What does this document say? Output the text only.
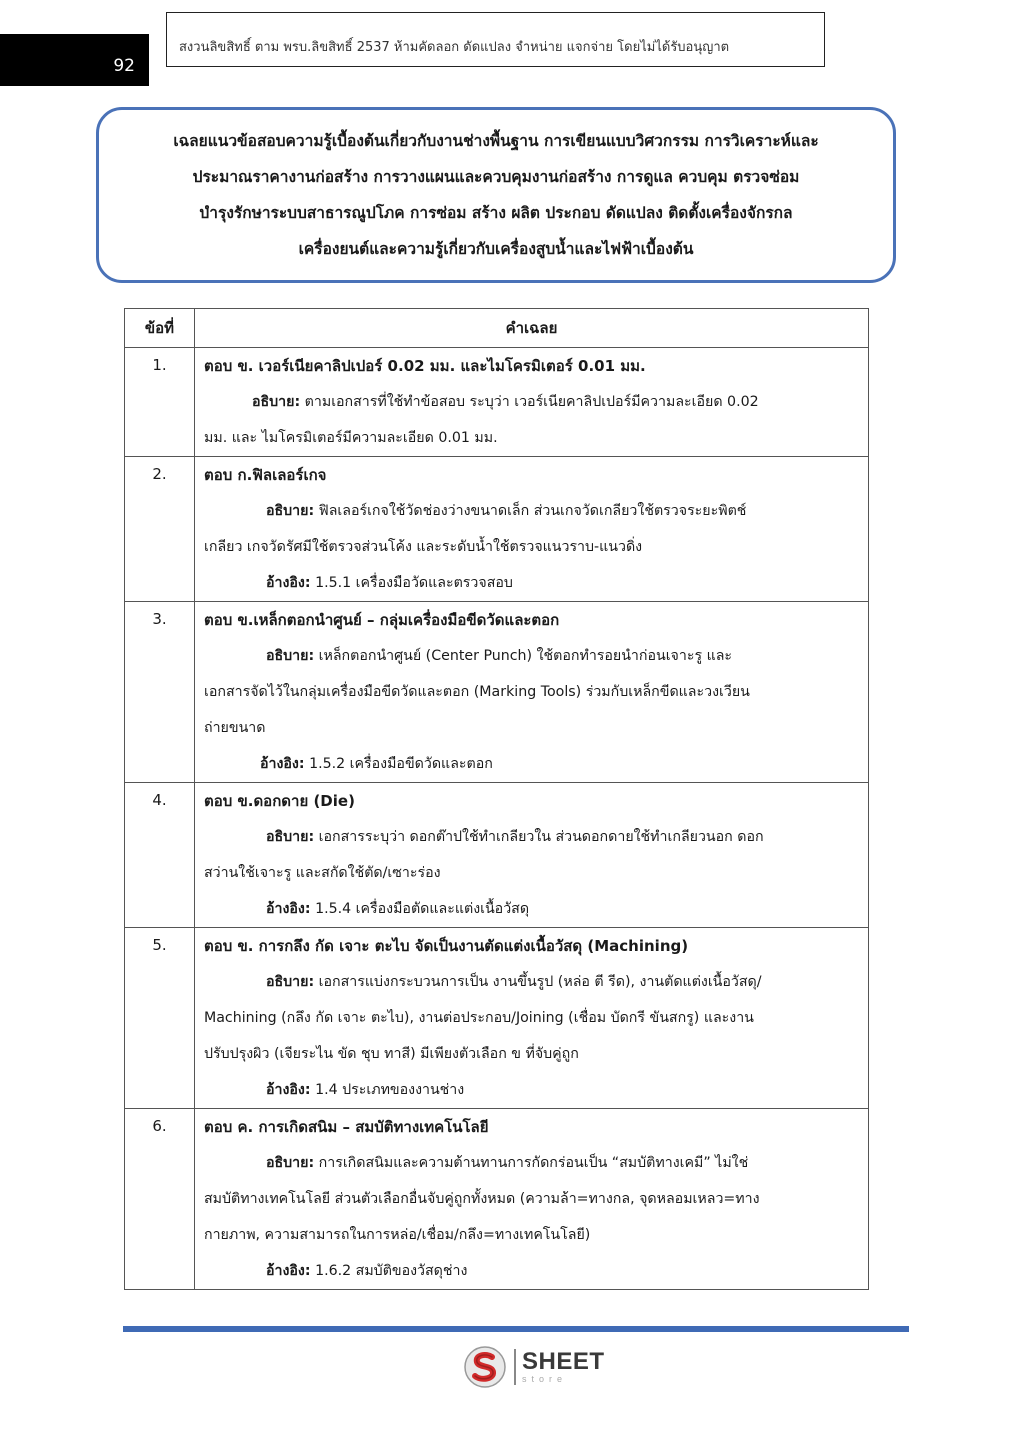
92
สงวนลิขสิทธิ์ ตาม พรบ.ลิขสิทธิ์ 2537 ห้ามคัดลอก ดัดแปลง จำหน่าย แจกจ่าย โดยไม่ได้รับอนุญาต
เฉลยแนวข้อสอบความรู้เบื้องต้นเกี่ยวกับงานช่างพื้นฐาน การเขียนแบบวิศวกรรม การวิเคราะห์และ
ประมาณราคางานก่อสร้าง การวางแผนและควบคุมงานก่อสร้าง การดูแล ควบคุม ตรวจซ่อม
บำรุงรักษาระบบสาธารณูปโภค การซ่อม สร้าง ผลิต ประกอบ ดัดแปลง ติดตั้งเครื่องจักรกล
เครื่องยนต์และความรู้เกี่ยวกับเครื่องสูบน้ำและไฟฟ้าเบื้องต้น
ข้อที่	คำเฉลย
1.	ตอบ ข. เวอร์เนียคาลิปเปอร์ 0.02 มม. และไมโครมิเตอร์ 0.01 มม.
อธิบาย: ตามเอกสารที่ใช้ทำข้อสอบ ระบุว่า เวอร์เนียคาลิปเปอร์มีความละเอียด 0.02
มม. และ ไมโครมิเตอร์มีความละเอียด 0.01 มม.

2.	ตอบ ก.ฟิลเลอร์เกจ
อธิบาย: ฟิลเลอร์เกจใช้วัดช่องว่างขนาดเล็ก ส่วนเกจวัดเกลียวใช้ตรวจระยะพิตช์
เกลียว เกจวัดรัศมีใช้ตรวจส่วนโค้ง และระดับน้ำใช้ตรวจแนวราบ-แนวดิ่ง
อ้างอิง: 1.5.1 เครื่องมือวัดและตรวจสอบ

3.	ตอบ ข.เหล็กตอกนำศูนย์ – กลุ่มเครื่องมือขีดวัดและตอก
อธิบาย: เหล็กตอกนำศูนย์ (Center Punch) ใช้ตอกทำรอยนำก่อนเจาะรู และ
เอกสารจัดไว้ในกลุ่มเครื่องมือขีดวัดและตอก (Marking Tools) ร่วมกับเหล็กขีดและวงเวียน
ถ่ายขนาด
อ้างอิง: 1.5.2 เครื่องมือขีดวัดและตอก

4.	ตอบ ข.ดอกดาย (Die)
อธิบาย: เอกสารระบุว่า ดอกต๊าปใช้ทำเกลียวใน ส่วนดอกดายใช้ทำเกลียวนอก ดอก
สว่านใช้เจาะรู และสกัดใช้ตัด/เซาะร่อง
อ้างอิง: 1.5.4 เครื่องมือตัดและแต่งเนื้อวัสดุ

5.	ตอบ ข. การกลึง กัด เจาะ ตะไบ จัดเป็นงานตัดแต่งเนื้อวัสดุ (Machining)
อธิบาย: เอกสารแบ่งกระบวนการเป็น งานขึ้นรูป (หล่อ ตี รีด), งานตัดแต่งเนื้อวัสดุ/
Machining (กลึง กัด เจาะ ตะไบ), งานต่อประกอบ/Joining (เชื่อม บัดกรี ขันสกรู) และงาน
ปรับปรุงผิว (เจียระไน ขัด ชุบ ทาสี) มีเพียงตัวเลือก ข ที่จับคู่ถูก
อ้างอิง: 1.4 ประเภทของงานช่าง

6.	ตอบ ค. การเกิดสนิม – สมบัติทางเทคโนโลยี
อธิบาย: การเกิดสนิมและความต้านทานการกัดกร่อนเป็น “สมบัติทางเคมี” ไม่ใช่
สมบัติทางเทคโนโลยี ส่วนตัวเลือกอื่นจับคู่ถูกทั้งหมด (ความล้า=ทางกล, จุดหลอมเหลว=ทาง
กายภาพ, ความสามารถในการหล่อ/เชื่อม/กลึง=ทางเทคโนโลยี)
อ้างอิง: 1.6.2 สมบัติของวัสดุช่าง
SHEET
store
